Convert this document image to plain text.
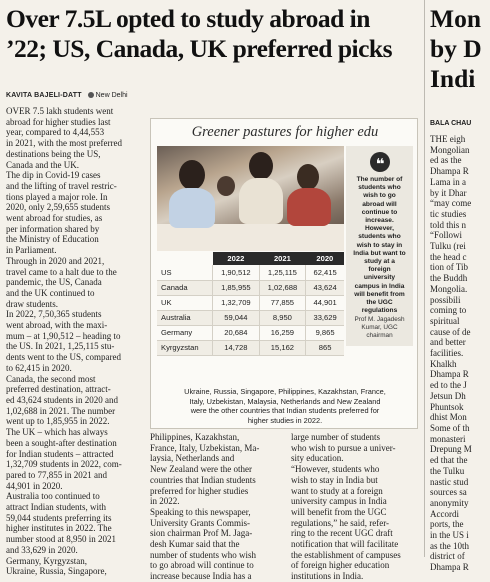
Over 7.5L opted to study abroad in
’22; US, Canada, UK preferred picks
Mon
by D
Indi
KAVITA BAJELI-DATT New Delhi
BALA CHAU
OVER 7.5 lakh students went
abroad for higher studies last
year, compared to 4,44,553
in 2021, with the most preferred
destinations being the US,
Canada and the UK.
The dip in Covid-19 cases
and the lifting of travel restric-
tions played a major role. In
2020, only 2,59,655 students
went abroad for studies, as
per information shared by
the Ministry of Education
in Parliament.
Through in 2020 and 2021,
travel came to a halt due to the
pandemic, the US, Canada
and the UK continued to
draw students.
In 2022, 7,50,365 students
went abroad, with the maxi-
mum – at 1,90,512 – heading to
the US. In 2021, 1,25,115 stu-
dents went to the US, compared
to 62,415 in 2020.
Canada, the second most
preferred destination, attract-
ed 43,624 students in 2020 and
1,02,688 in 2021. The number
went up to 1,85,955 in 2022.
The UK – which has always
been a sought-after destination
for Indian students – attracted
1,32,709 students in 2022, com-
pared to 77,855 in 2021 and
44,901 in 2020.
Australia too continued to
attract Indian students, with
59,044 students preferring its
higher institutes in 2022. The
number stood at 8,950 in 2021
and 33,629 in 2020.
Germany, Kyrgyzstan,
Ukraine, Russia, Singapore,
Philippines, Kazakhstan,
France, Italy, Uzbekistan, Ma-
laysia, Netherlands and
New Zealand were the other
countries that Indian students
preferred for higher studies
in 2022.
Speaking to this newspaper,
University Grants Commis-
sion chairman Prof M. Jaga-
desh Kumar said that the
number of students who wish
to go abroad will continue to
increase because India has a
large number of students
who wish to pursue a univer-
sity education.
“However, students who
wish to stay in India but
want to study at a foreign
university campus in India
will benefit from the UGC
regulations,” he said, refer-
ring to the recent UGC draft
notification that will facilitate
the establishment of campuses
of foreign higher education
institutions in India.
THE eigh
Mongolian
ed as the
Dhampa R
Lama in a
by it Dhar
“may come
tic studies
told this n
“Followi
Tulku (rei
the head c
tion of Tib
the Buddh
Mongolia.
possibili
coming to
spiritual
cause of de
and better
facilities.
Khalkh
Dhampa R
ed to the J
Jetsun Dh
Phuntsok
dhist Mon
Some of th
monasteri
Drepung M
ed that the
the Tulku
nastic stud
sources sa
anonymity
Accordi
ports, the
in the US i
as the 10th
district of
Dhampa R
Greener pastures for higher edu
❝
The number of
students who
wish to go
abroad will
continue to
increase.
However,
students who
wish to stay in
India but want to
study at a
foreign
university
campus in India
will benefit from
the UGC
regulations
Prof M. Jagadesh
Kumar, UGC
chairman
	2022	2021	2020
US	1,90,512	1,25,115	62,415
Canada	1,85,955	1,02,688	43,624
UK	1,32,709	77,855	44,901
Australia	59,044	8,950	33,629
Germany	20,684	16,259	9,865
Kyrgyzstan	14,728	15,162	865
Ukraine, Russia, Singapore, Philippines, Kazakhstan, France,
Italy, Uzbekistan, Malaysia, Netherlands and New Zealand
were the other countries that Indian students preferred for
higher studies in 2022.
